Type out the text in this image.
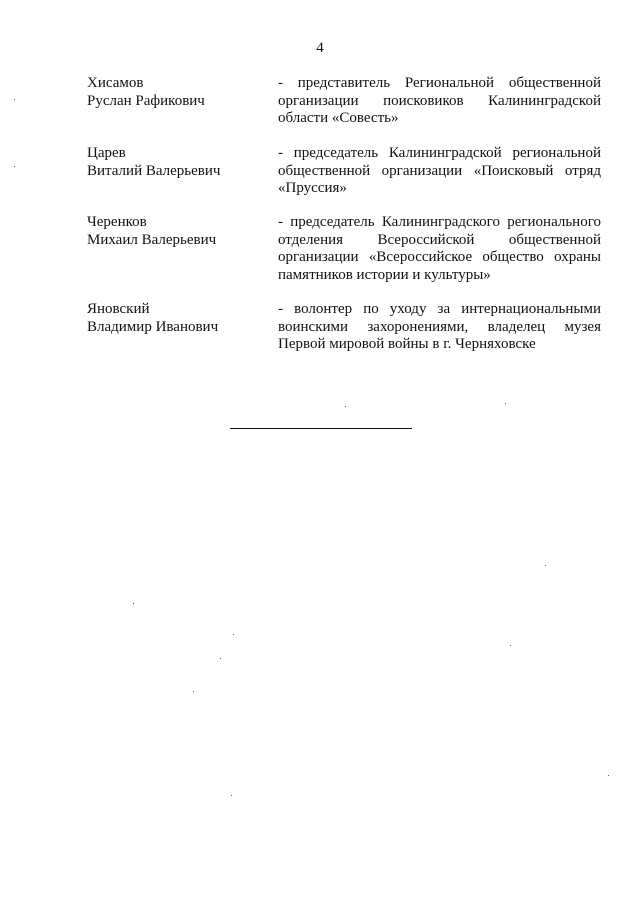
4
Хисамов
Руслан Рафикович
- представитель Региональной общественной организации поисковиков Калининградской области «Совесть»
Царев
Виталий Валерьевич
- председатель Калининградской региональной общественной организации «Поисковый отряд «Пруссия»
Черенков
Михаил Валерьевич
- председатель Калининградского регионального отделения Всероссийской общественной организации «Всероссийское общество охраны памятников истории и культуры»
Яновский
Владимир Иванович
- волонтер по уходу за интернациональными воинскими захоронениями, владелец музея Первой мировой войны в г. Черняховске
